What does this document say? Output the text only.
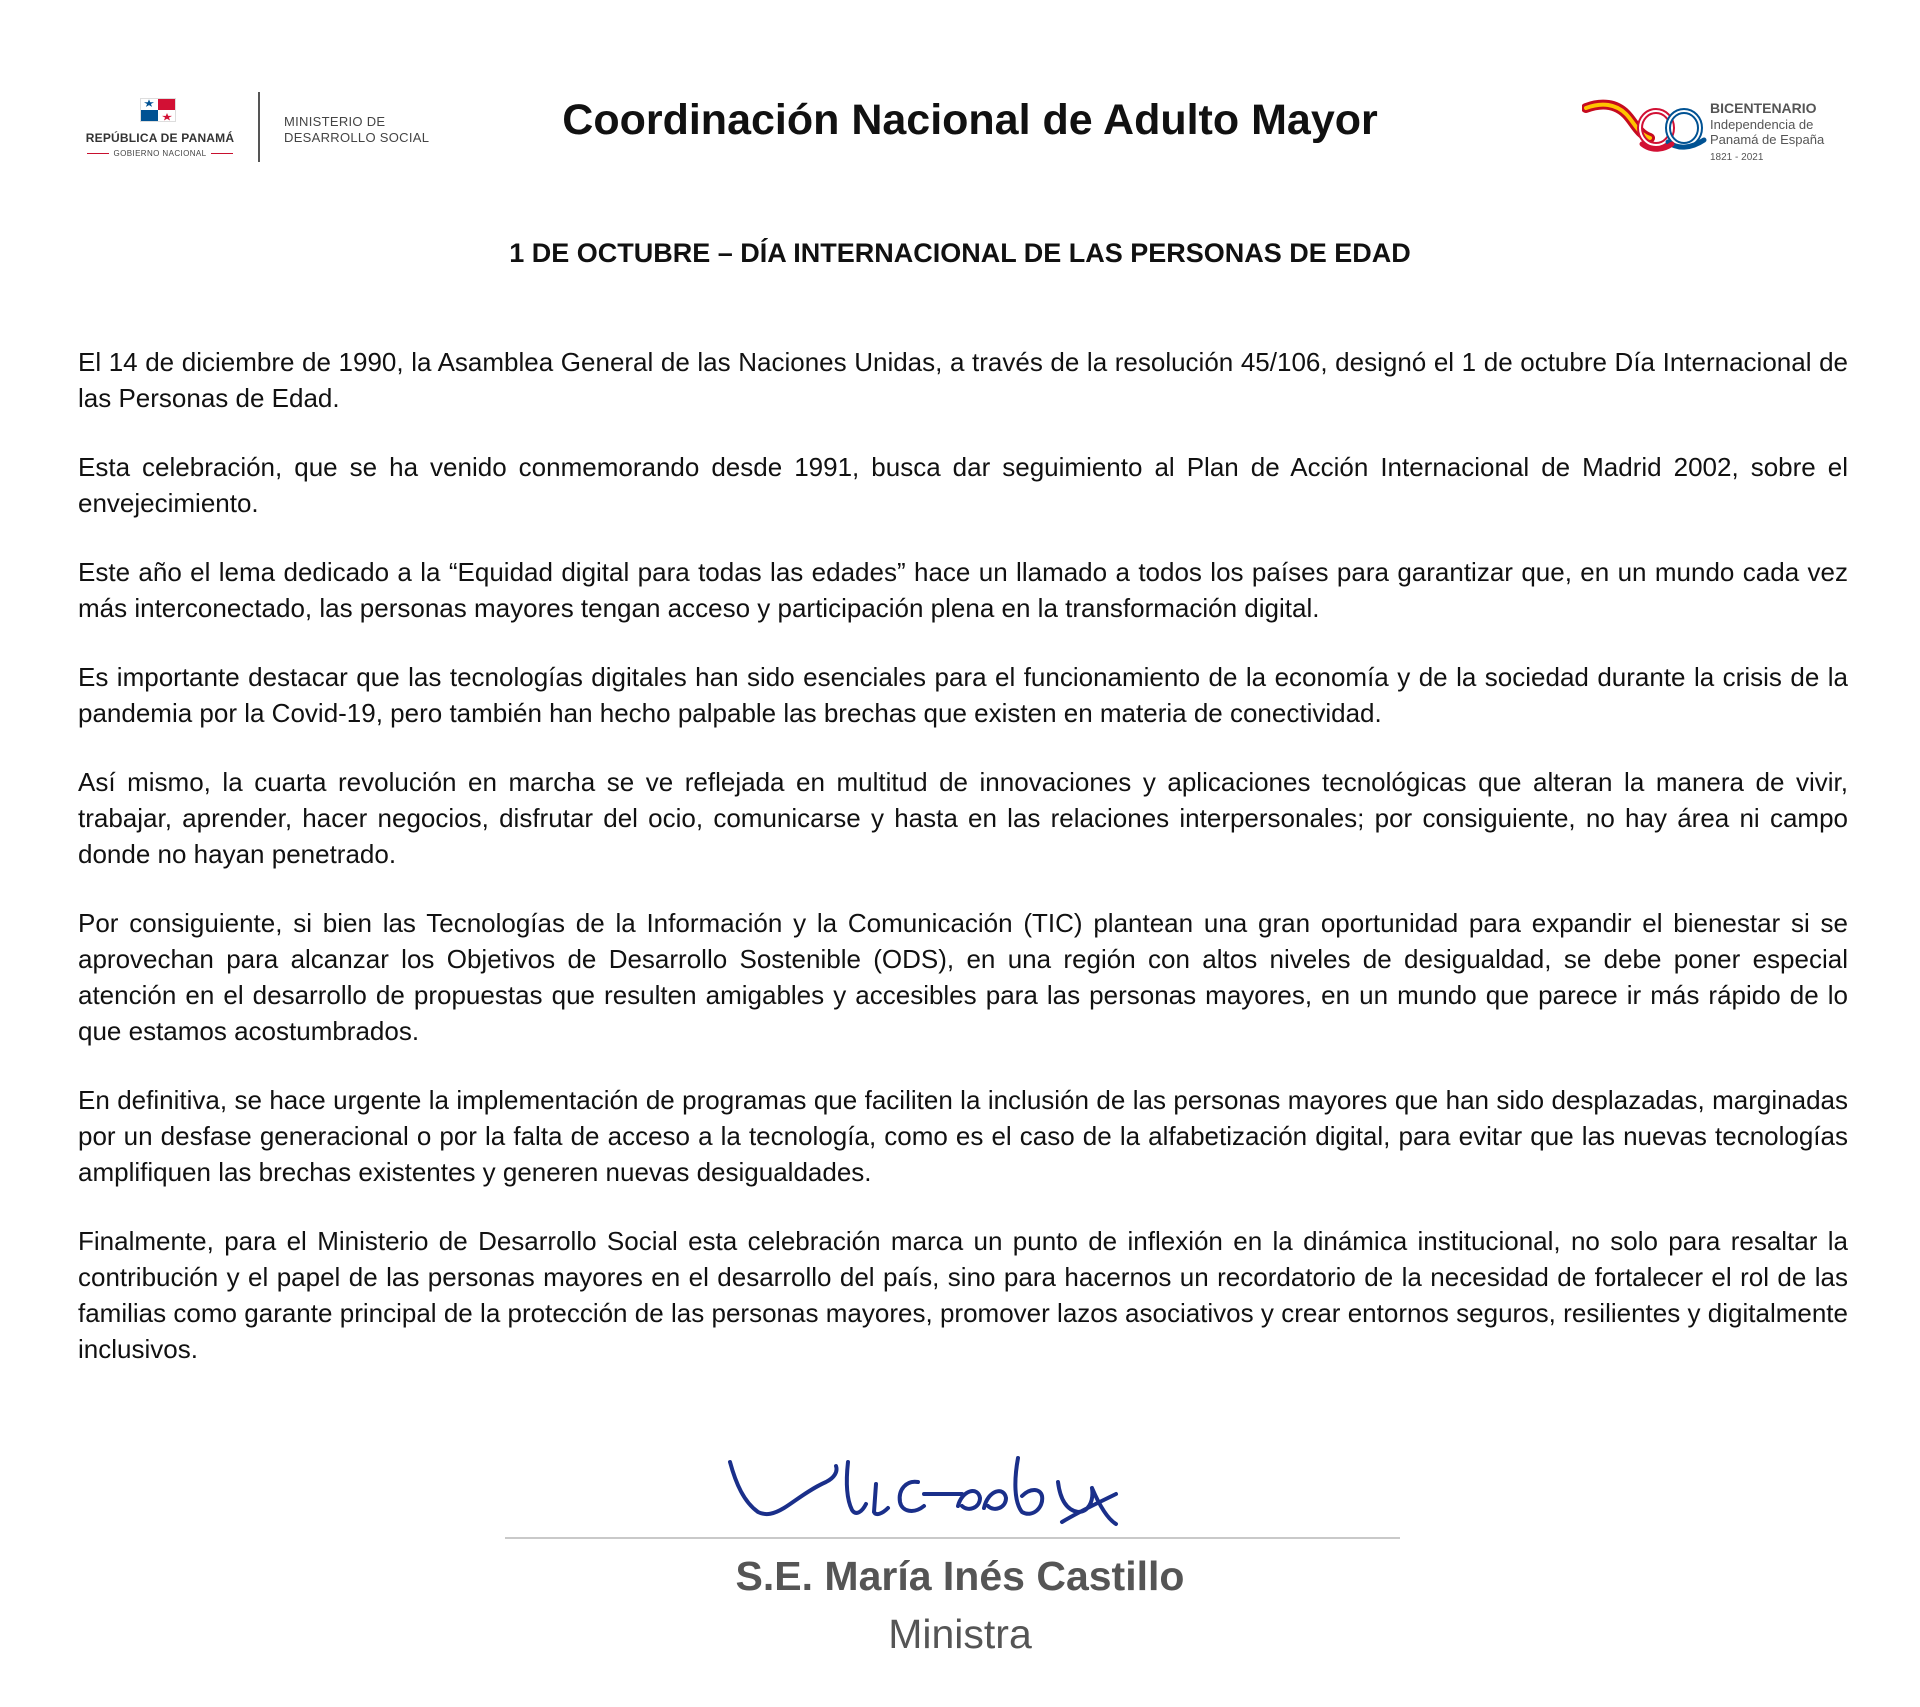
REPÚBLICA DE PANAMÁ
GOBIERNO NACIONAL
MINISTERIO DE
DESARROLLO SOCIAL	Coordinación Nacional de Adulto Mayor	BICENTENARIO
Independencia de
Panamá de España
1821 - 2021
1 DE OCTUBRE – DÍA INTERNACIONAL DE LAS PERSONAS DE EDAD

El 14 de diciembre de 1990, la Asamblea General de las Naciones Unidas, a través de la resolución 45/106, designó el 1 de octubre Día Internacional de las Personas de Edad.

Esta celebración, que se ha venido conmemorando desde 1991, busca dar seguimiento al Plan de Acción Internacional de Madrid 2002, sobre el envejecimiento.

Este año el lema dedicado a la “Equidad digital para todas las edades” hace un llamado a todos los países para garantizar que, en un mundo cada vez más interconectado, las personas mayores tengan acceso y participación plena en la transformación digital.

Es importante destacar que las tecnologías digitales han sido esenciales para el funcionamiento de la economía y de la sociedad durante la crisis de la pandemia por la Covid-19, pero también han hecho palpable las brechas que existen en materia de conectividad.

Así mismo, la cuarta revolución en marcha se ve reflejada en multitud de innovaciones y aplicaciones tecnológicas que alteran la manera de vivir, trabajar, aprender, hacer negocios, disfrutar del ocio, comunicarse y hasta en las relaciones interpersonales; por consiguiente, no hay área ni campo donde no hayan penetrado.

Por consiguiente, si bien las Tecnologías de la Información y la Comunicación (TIC) plantean una gran oportunidad para expandir el bienestar si se aprovechan para alcanzar los Objetivos de Desarrollo Sostenible (ODS), en una región con altos niveles de desigualdad, se debe poner especial atención en el desarrollo de propuestas que resulten amigables y accesibles para las personas mayores, en un mundo que parece ir más rápido de lo que estamos acostumbrados.

En definitiva, se hace urgente la implementación de programas que faciliten la inclusión de las personas mayores que han sido desplazadas, marginadas por un desfase generacional o por la falta de acceso a la tecnología, como es el caso de la alfabetización digital, para evitar que las nuevas tecnologías amplifiquen las brechas existentes y generen nuevas desigualdades.

Finalmente, para el Ministerio de Desarrollo Social esta celebración marca un punto de inflexión en la dinámica institucional, no solo para resaltar la contribución y el papel de las personas mayores en el desarrollo del país, sino para hacernos un recordatorio de la necesidad de fortalecer el rol de las familias como garante principal de la protección de las personas mayores, promover lazos asociativos y crear entornos seguros, resilientes y digitalmente inclusivos.

S.E. María Inés Castillo
Ministra
